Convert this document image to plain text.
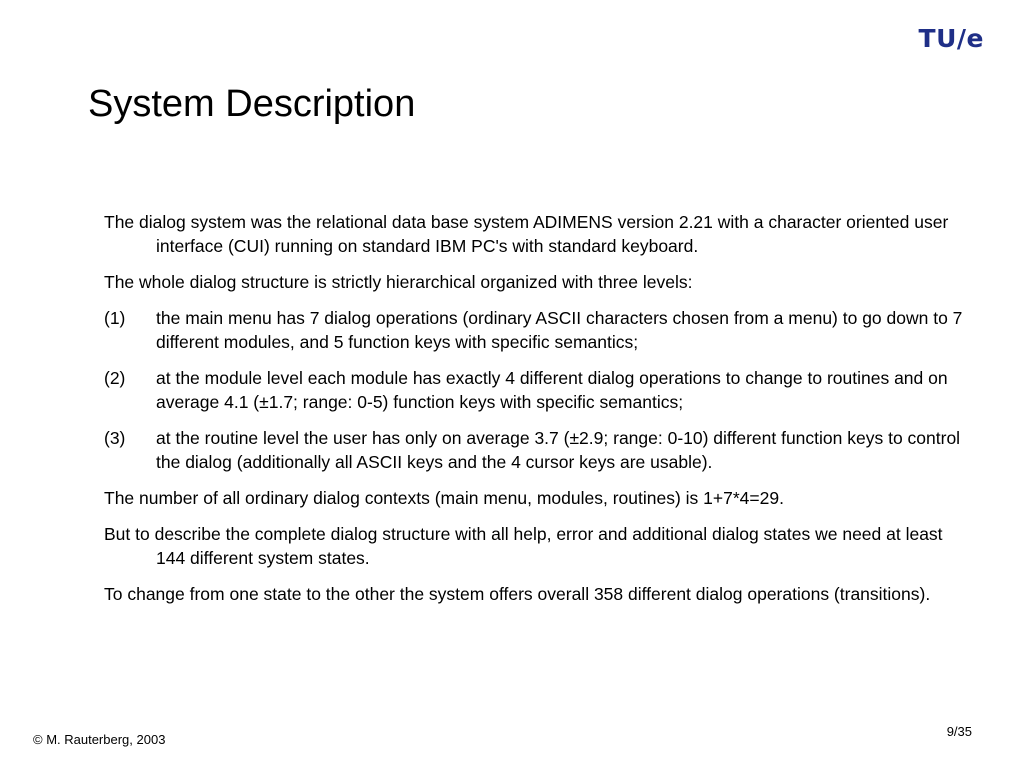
TU/e
System Description

The dialog system was the relational data base system ADIMENS version 2.21 with a character oriented user interface (CUI) running on standard IBM PC's with standard keyboard.

The whole dialog structure is strictly hierarchical organized with three levels:

(1)	the main menu has 7 dialog operations (ordinary ASCII characters chosen from a menu) to go down to 7 different modules, and 5 function keys with specific semantics;
(2)	at the module level each module has exactly 4 different dialog operations to change to routines and on average 4.1 (±1.7; range: 0-5) function keys with specific semantics;
(3)	at the routine level the user has only on average 3.7 (±2.9; range: 0-10) different function keys to control the dialog (additionally all ASCII keys and the 4 cursor keys are usable).

The number of all ordinary dialog contexts (main menu, modules, routines) is 1+7*4=29.

But to describe the complete dialog structure with all help, error and additional dialog states we need at least 144 different system states.

To change from one state to the other the system offers overall 358 different dialog operations (transitions).

© M. Rauterberg, 2003
9/35
